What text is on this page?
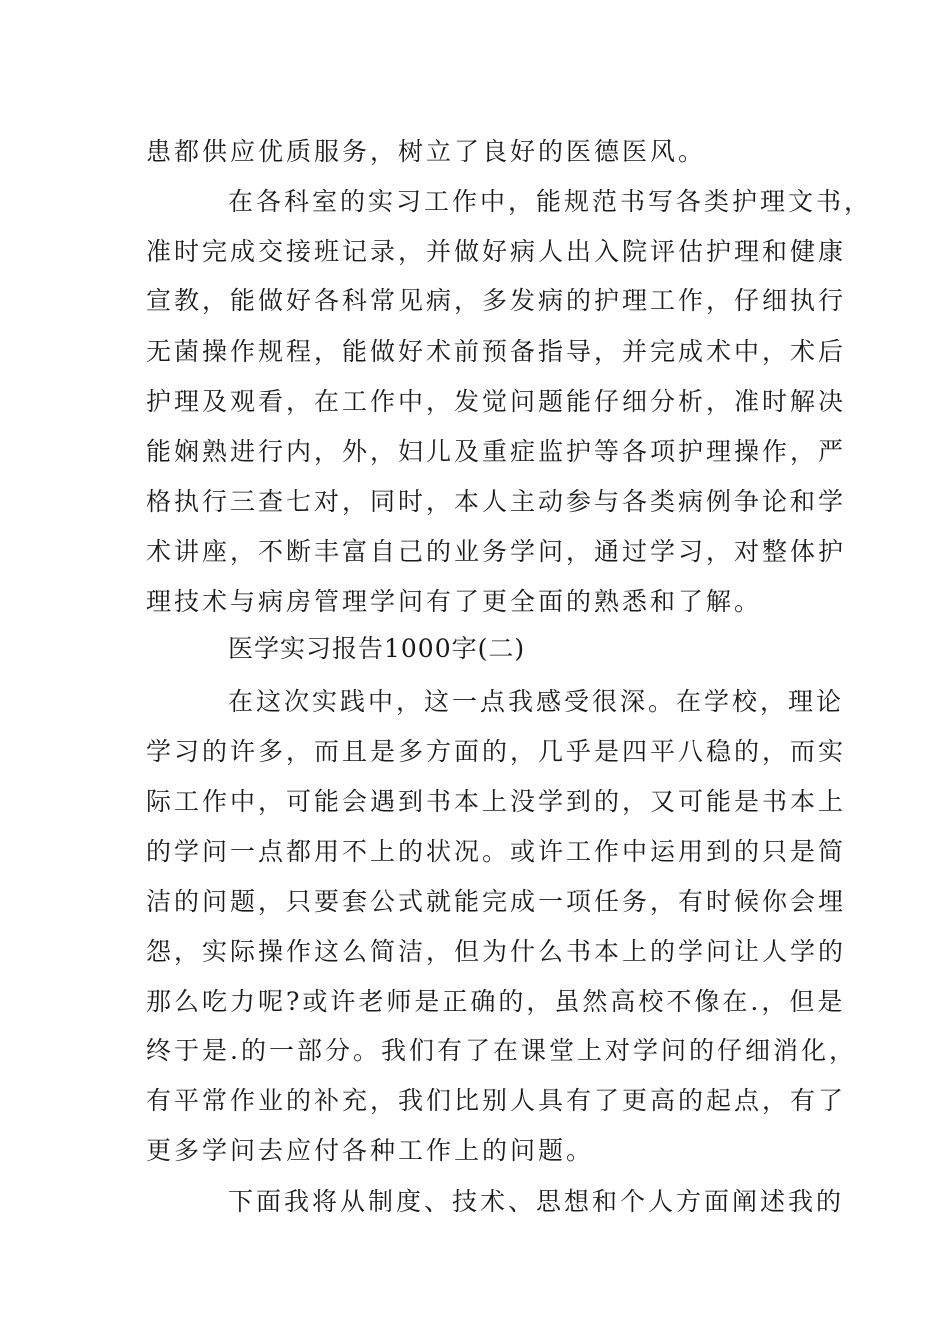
患都供应优质服务，树立了良好的医德医风。
在各科室的实习工作中，能规范书写各类护理文书，
准时完成交接班记录，并做好病人出入院评估护理和健康
宣教，能做好各科常见病，多发病的护理工作，仔细执行
无菌操作规程，能做好术前预备指导，并完成术中，术后
护理及观看，在工作中，发觉问题能仔细分析，准时解决
能娴熟进行内，外，妇儿及重症监护等各项护理操作，严
格执行三查七对，同时，本人主动参与各类病例争论和学
术讲座，不断丰富自己的业务学问，通过学习，对整体护
理技术与病房管理学问有了更全面的熟悉和了解。
医学实习报告1000字(二)
在这次实践中，这一点我感受很深。在学校，理论
学习的许多，而且是多方面的，几乎是四平八稳的，而实
际工作中，可能会遇到书本上没学到的，又可能是书本上
的学问一点都用不上的状况。或许工作中运用到的只是简
洁的问题，只要套公式就能完成一项任务，有时候你会埋
怨，实际操作这么简洁，但为什么书本上的学问让人学的
那么吃力呢?或许老师是正确的，虽然高校不像在.，但是
终于是.的一部分。我们有了在课堂上对学问的仔细消化，
有平常作业的补充，我们比别人具有了更高的起点，有了
更多学问去应付各种工作上的问题。
下面我将从制度、技术、思想和个人方面阐述我的
